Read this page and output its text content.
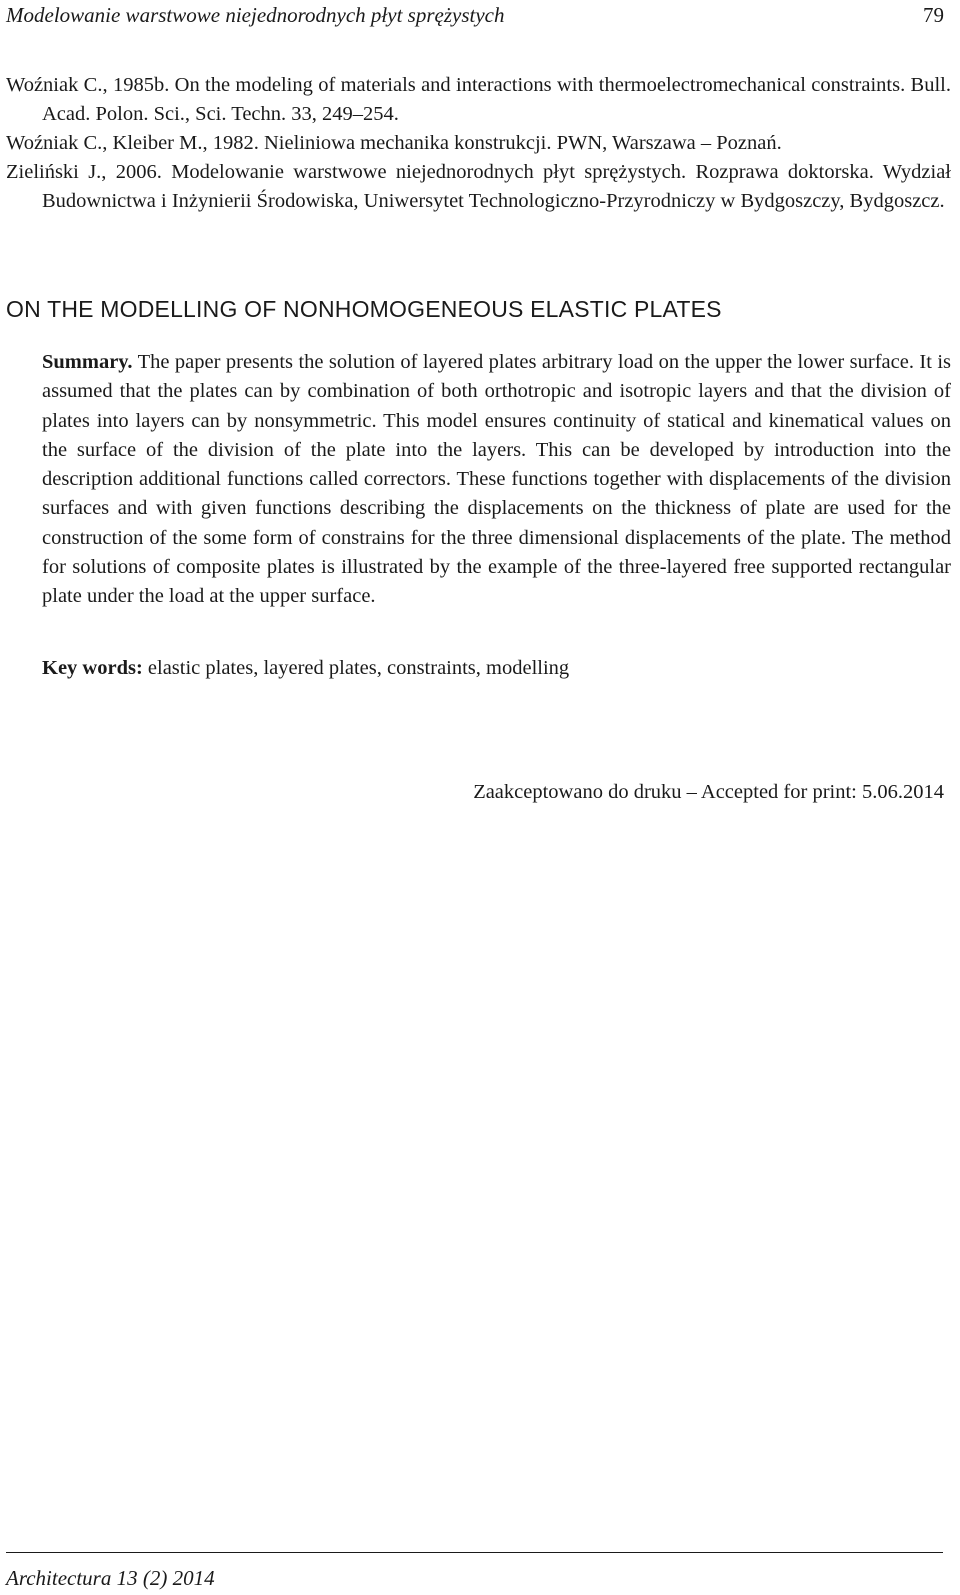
Modelowanie warstwowe niejednorodnych płyt sprężystych	79

Woźniak C., 1985b. On the modeling of materials and interactions with thermoelectromechanical constraints. Bull. Acad. Polon. Sci., Sci. Techn. 33, 249–254.

Woźniak C., Kleiber M., 1982. Nieliniowa mechanika konstrukcji. PWN, Warszawa – Poznań.

Zieliński J., 2006. Modelowanie warstwowe niejednorodnych płyt sprężystych. Rozprawa doktorska. Wydział Budownictwa i Inżynierii Środowiska, Uniwersytet Technologiczno-Przyrodniczy w Bydgoszczy, Bydgoszcz.

ON THE MODELLING OF NONHOMOGENEOUS ELASTIC PLATES

Summary. The paper presents the solution of layered plates arbitrary load on the upper the lower surface. It is assumed that the plates can by combination of both orthotropic and isotropic layers and that the division of plates into layers can by nonsymmetric. This model ensures continuity of statical and kinematical values on the surface of the division of the plate into the layers. This can be developed by introduction into the description additional functions called correctors. These functions together with displacements of the division surfaces and with given functions describing the displacements on the thickness of plate are used for the construction of the some form of constrains for the three dimensional displacements of the plate. The method for solutions of composite plates is illustrated by the example of the three-layered free supported rectangular plate under the load at the upper surface.

Key words: elastic plates, layered plates, constraints, modelling

Zaakceptowano do druku – Accepted for print: 5.06.2014

Architectura 13 (2) 2014
